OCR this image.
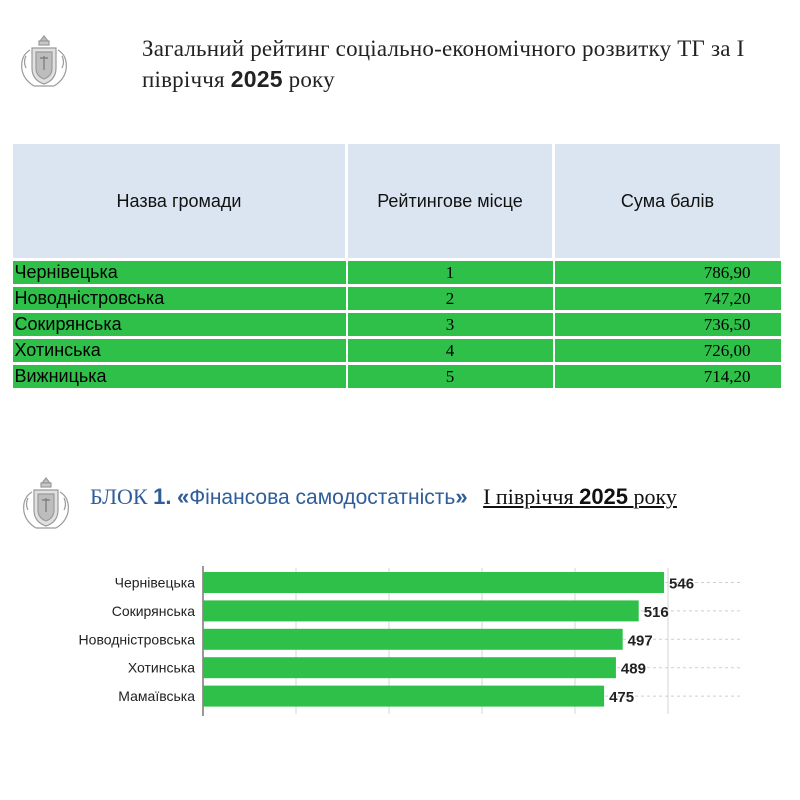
Загальний рейтинг соціально-економічного розвитку ТГ за І півріччя 2025 року
Назва громади	Рейтингове місце	Сума балів
Чернівецька	1	786,90
Новодністровська	2	747,20
Сокирянська	3	736,50
Хотинська	4	726,00
Вижницька	5	714,20
БЛОК 1. «Фінансова самодостатність» І півріччя 2025 року
Чернівецька	546
Сокирянська	516
Новодністровська	497
Хотинська	489
Мамаївська	475
